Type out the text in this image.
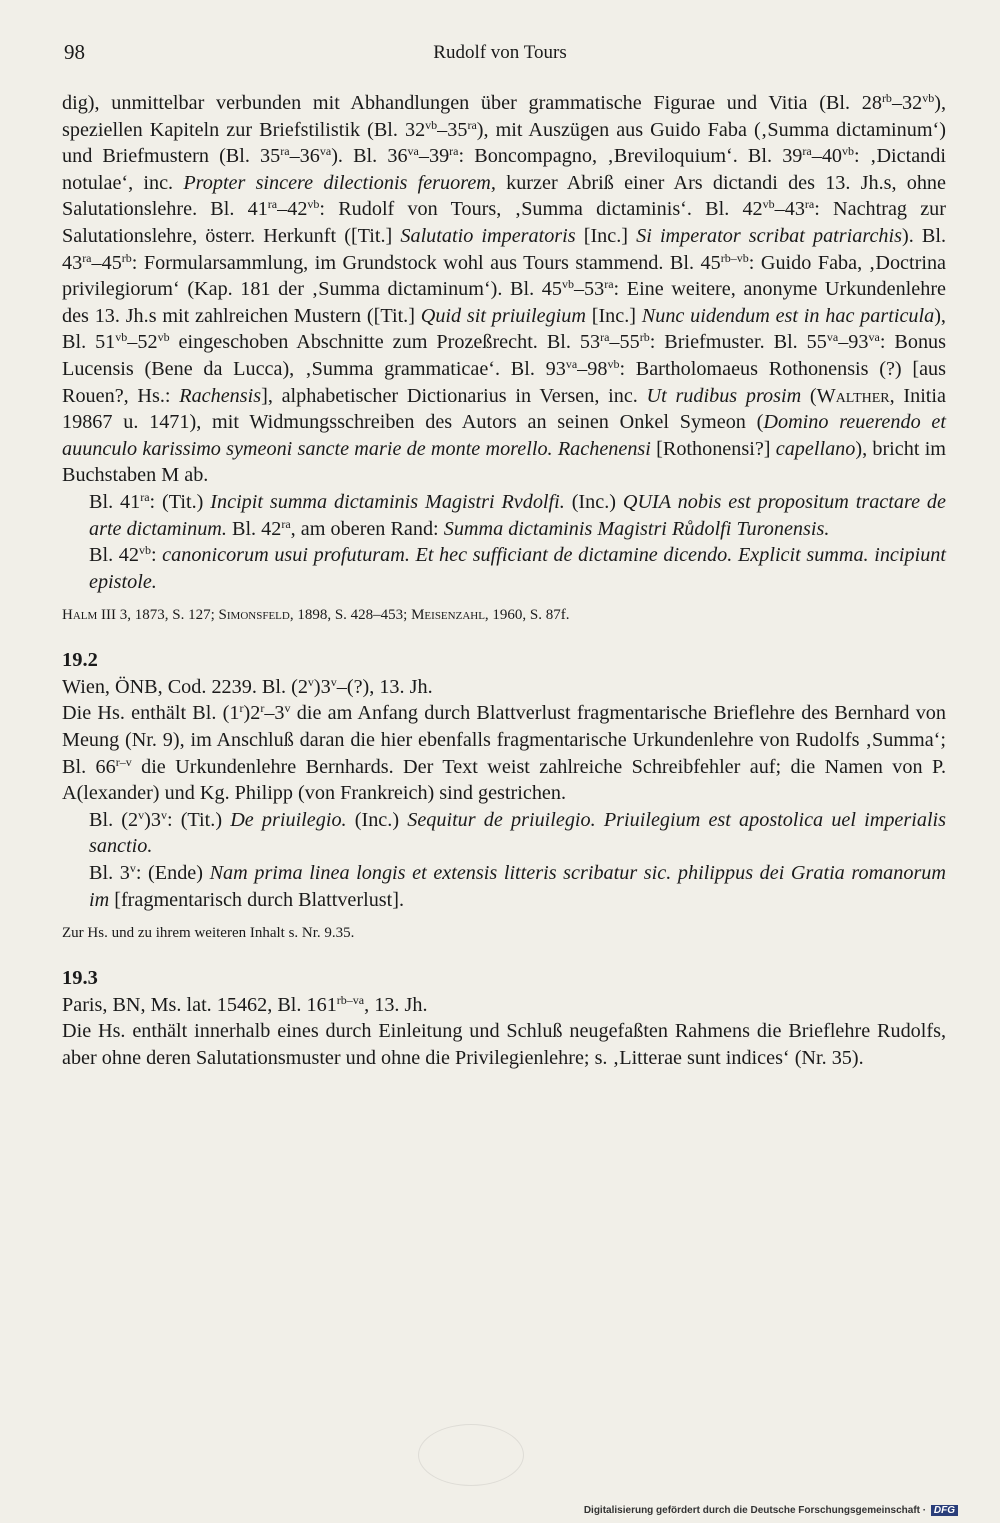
98	Rudolf von Tours

dig), unmittelbar verbunden mit Abhandlungen über grammatische Figurae und Vitia (Bl. $28^{rb}-32^{vb}$), speziellen Kapiteln zur Briefstilistik (Bl. $32^{vb}-35^{ra}$), mit Auszügen aus Guido Faba (‚Summa dictaminum‘) und Briefmustern (Bl. $35^{ra}-36^{va}$). Bl. $36^{va}-39^{ra}$: Boncompagno, ‚Breviloquium‘. Bl. $39^{ra}-40^{vb}$: ‚Dictandi notulae‘, inc. Propter sincere dilectionis feruorem, kurzer Abriß einer Ars dictandi des 13. Jh.s, ohne Salutationslehre. Bl. $41^{ra}-42^{vb}$: Rudolf von Tours, ‚Summa dictaminis‘. Bl. $42^{vb}-43^{ra}$: Nachtrag zur Salutationslehre, österr. Herkunft ([Tit.] Salutatio imperatoris [Inc.] Si imperator scribat patriarchis). Bl. $43^{ra}-45^{rb}$: Formularsammlung, im Grundstock wohl aus Tours stammend. Bl. $45^{rb-vb}$: Guido Faba, ‚Doctrina privilegiorum‘ (Kap. 181 der ‚Summa dictaminum‘). Bl. $45^{vb}-53^{ra}$: Eine weitere, anonyme Urkundenlehre des 13. Jh.s mit zahlreichen Mustern ([Tit.] Quid sit priuilegium [Inc.] Nunc uidendum est in hac particula), Bl. $51^{vb}-52^{vb}$ eingeschoben Abschnitte zum Prozeßrecht. Bl. $53^{ra}-55^{rb}$: Briefmuster. Bl. $55^{va}-93^{va}$: Bonus Lucensis (Bene da Lucca), ‚Summa grammaticae‘. Bl. $93^{va}-98^{vb}$: Bartholomaeus Rothonensis (?) [aus Rouen?, Hs.: Rachensis], alphabetischer Dictionarius in Versen, inc. Ut rudibus prosim (Walther, Initia 19867 u. 1471), mit Widmungsschreiben des Autors an seinen Onkel Symeon (Domino reuerendo et auunculo karissimo symeoni sancte marie de monte morello. Rachenensi [Rothonensi?] capellano), bricht im Buchstaben M ab.

Bl. $41^{ra}$: (Tit.) Incipit summa dictaminis Magistri Rvdolfi. (Inc.) QUIA nobis est propositum tractare de arte dictaminum. Bl. $42^{ra}$, am oberen Rand: Summa dictaminis Magistri Růdolfi Turonensis.

Bl. $42^{vb}$: canonicorum usui profuturam. Et hec sufficiant de dictamine dicendo. Explicit summa. incipiunt epistole.

Halm III 3, 1873, S. 127; Simonsfeld, 1898, S. 428–453; Meisenzahl, 1960, S. 87f.

19.2

Wien, ÖNB, Cod. 2239. Bl. (2$^v$)3$^v$–(?), 13. Jh.

Die Hs. enthält Bl. (1$^r$)2$^r$–3$^v$ die am Anfang durch Blattverlust fragmentarische Brieflehre des Bernhard von Meung (Nr. 9), im Anschluß daran die hier ebenfalls fragmentarische Urkundenlehre von Rudolfs ‚Summa‘; Bl. 66$^{r-v}$ die Urkundenlehre Bernhards. Der Text weist zahlreiche Schreibfehler auf; die Namen von P. A(lexander) und Kg. Philipp (von Frankreich) sind gestrichen.

Bl. (2$^v$)3$^v$: (Tit.) De priuilegio. (Inc.) Sequitur de priuilegio. Priuilegium est apostolica uel imperialis sanctio.

Bl. 3$^v$: (Ende) Nam prima linea longis et extensis litteris scribatur sic. philippus dei Gratia romanorum im [fragmentarisch durch Blattverlust].

Zur Hs. und zu ihrem weiteren Inhalt s. Nr. 9.35.

19.3

Paris, BN, Ms. lat. 15462, Bl. $161^{rb-va}$, 13. Jh.

Die Hs. enthält innerhalb eines durch Einleitung und Schluß neugefaßten Rahmens die Brieflehre Rudolfs, aber ohne deren Salutationsmuster und ohne die Privilegienlehre; s. ‚Litterae sunt indices‘ (Nr. 35).

Digitalisierung gefördert durch die Deutsche Forschungsgemeinschaft · DFG
